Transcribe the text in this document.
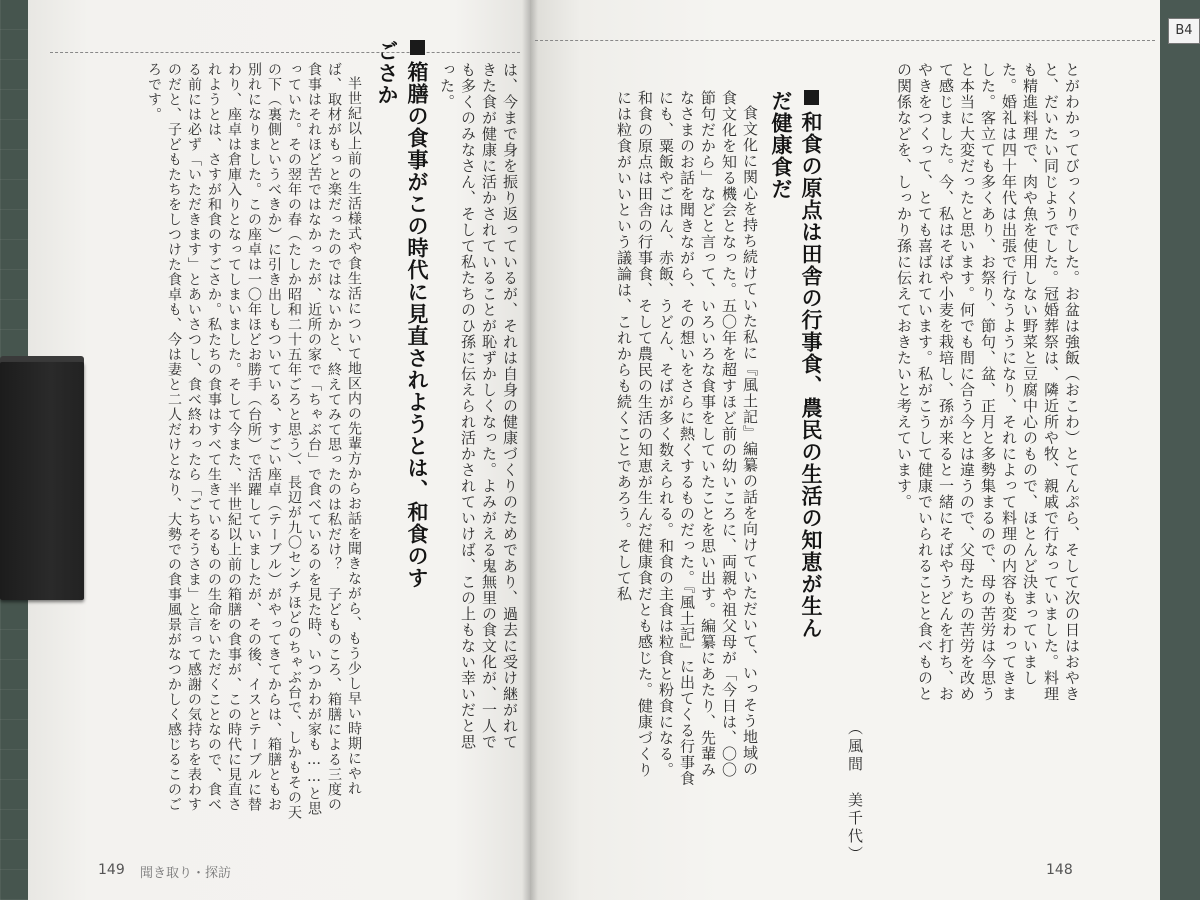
B4

とがわかってびっくりでした。お盆は強飯（おこわ）とてんぷら、そして次の日はおやきと、だいたい同じようでした。冠婚葬祭は、隣近所や牧、親戚で行なっていました。料理も精進料理で、肉や魚を使用しない野菜と豆腐中心のもので、ほとんど決まっていました。婚礼は四十年代は出張で行なうようになり、それによって料理の内容も変わってきました。客立ても多くあり、お祭り、節句、盆、正月と多勢集まるので、母の苦労は今思うと本当に大変だったと思います。何でも間に合う今とは違うので、父母たちの苦労を改めて感じました。今、私はそばや小麦を栽培し、孫が来ると一緒にそばやうどんを打ち、おやきをつくって、とても喜ばれています。私がこうして健康でいられることと食べものとの関係などを、しっかり孫に伝えておきたいと考えています。

（風間　美千代）
和食の原点は田舎の行事食、農民の生活の知恵が生んだ健康食だ

食文化に関心を持ち続けていた私に『風土記』編纂の話を向けていただいて、いっそう地域の食文化を知る機会となった。五〇年を超すほど前の幼いころに、両親や祖父母が「今日は、〇〇節句だから」などと言って、いろいろな食事をしていたことを思い出す。編纂にあたり、先輩みなさまのお話を聞きながら、その想いをさらに熱くするものだった。『風土記』に出てくる行事食にも、粟飯やごはん、赤飯、うどん、そばが多く数えられる。和食の主食は粒食と粉食になる。和食の原点は田舎の行事食、そして農民の生活の知恵が生んだ健康食だとも感じた。健康づくりには粒食がいいという議論は、これからも続くことであろう。そして私

148

は、今まで身を振り返っているが、それは自身の健康づくりのためであり、過去に受け継がれてきた食が健康に活かされていることが恥ずかしくなった。よみがえる鬼無里の食文化が、一人でも多くのみなさん、そして私たちのひ孫に伝えられ活かされていけば、この上もない幸いだと思った。

箱膳の食事がこの時代に見直されようとは、和食のすごさか

半世紀以上前の生活様式や食生活について地区内の先輩方からお話を聞きながら、もう少し早い時期にやれば、取材がもっと楽だったのではないかと、終えてみて思ったのは私だけ？　子どものころ、箱膳による三度の食事はそれほど苦ではなかったが、近所の家で「ちゃぶ台」で食べているのを見た時、いつかわが家も……と思っていた。その翌年の春（たしか昭和二十五年ごろと思う）、長辺が九〇センチほどのちゃぶ台で、しかもその天の下（裏側というべきか）に引き出しもついている、すごい座卓（テーブル）がやってきてからは、箱膳ともお別れになりました。この座卓は一〇年ほどお勝手（台所）で活躍していましたが、その後、イスとテーブルに替わり、座卓は倉庫入りとなってしまいました。そして今また、半世紀以上前の箱膳の食事が、この時代に見直されようとは、さすが和食のすごさか。私たちの食事はすべて生きているものの生命をいただくことなので、食べる前には必ず「いただきます」とあいさつし、食べ終わったら「ごちそうさま」と言って感謝の気持ちを表わすのだと、子どもたちをしつけた食卓も、今は妻と二人だけとなり、大勢での食事風景がなつかしく感じるこのごろです。

149 聞き取り・探訪
